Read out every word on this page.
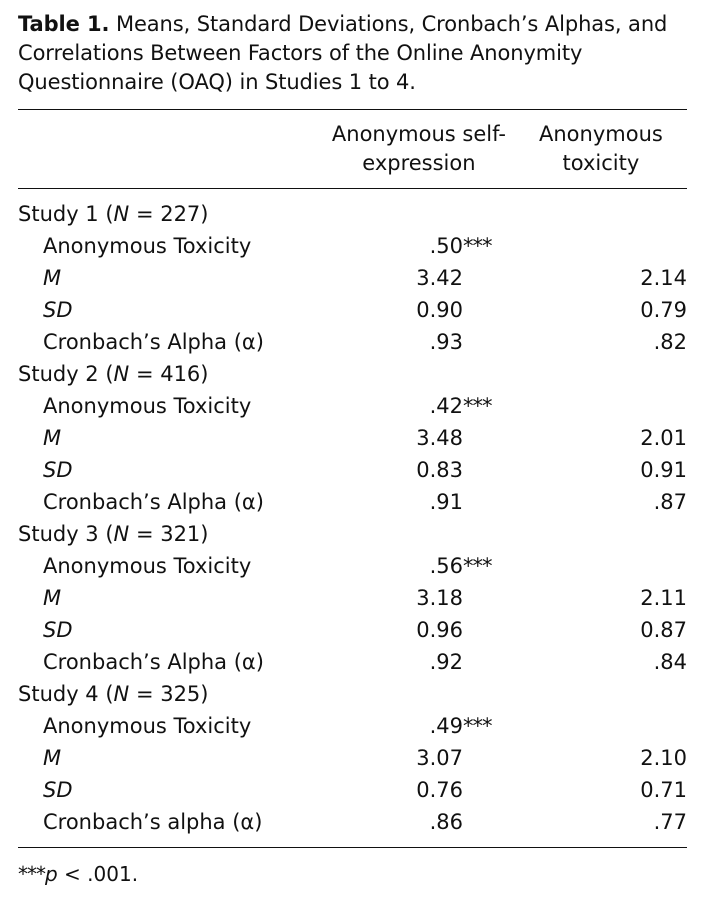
Table 1. Means, Standard Deviations, Cronbach’s Alphas, and Correlations Between Factors of the Online Anonymity Questionnaire (OAQ) in Studies 1 to 4.
Anonymous self-expression
Anonymous toxicity
Study 1 (N = 227)
Anonymous Toxicity	.50 ***
M	3.42	2.14
SD	0.90	0.79
Cronbach’s Alpha (α)	.93	.82
Study 2 (N = 416)
Anonymous Toxicity	.42 ***
M	3.48	2.01
SD	0.83	0.91
Cronbach’s Alpha (α)	.91	.87
Study 3 (N = 321)
Anonymous Toxicity	.56 ***
M	3.18	2.11
SD	0.96	0.87
Cronbach’s Alpha (α)	.92	.84
Study 4 (N = 325)
Anonymous Toxicity	.49 ***
M	3.07	2.10
SD	0.76	0.71
Cronbach’s alpha (α)	.86	.77
***p < .001.
